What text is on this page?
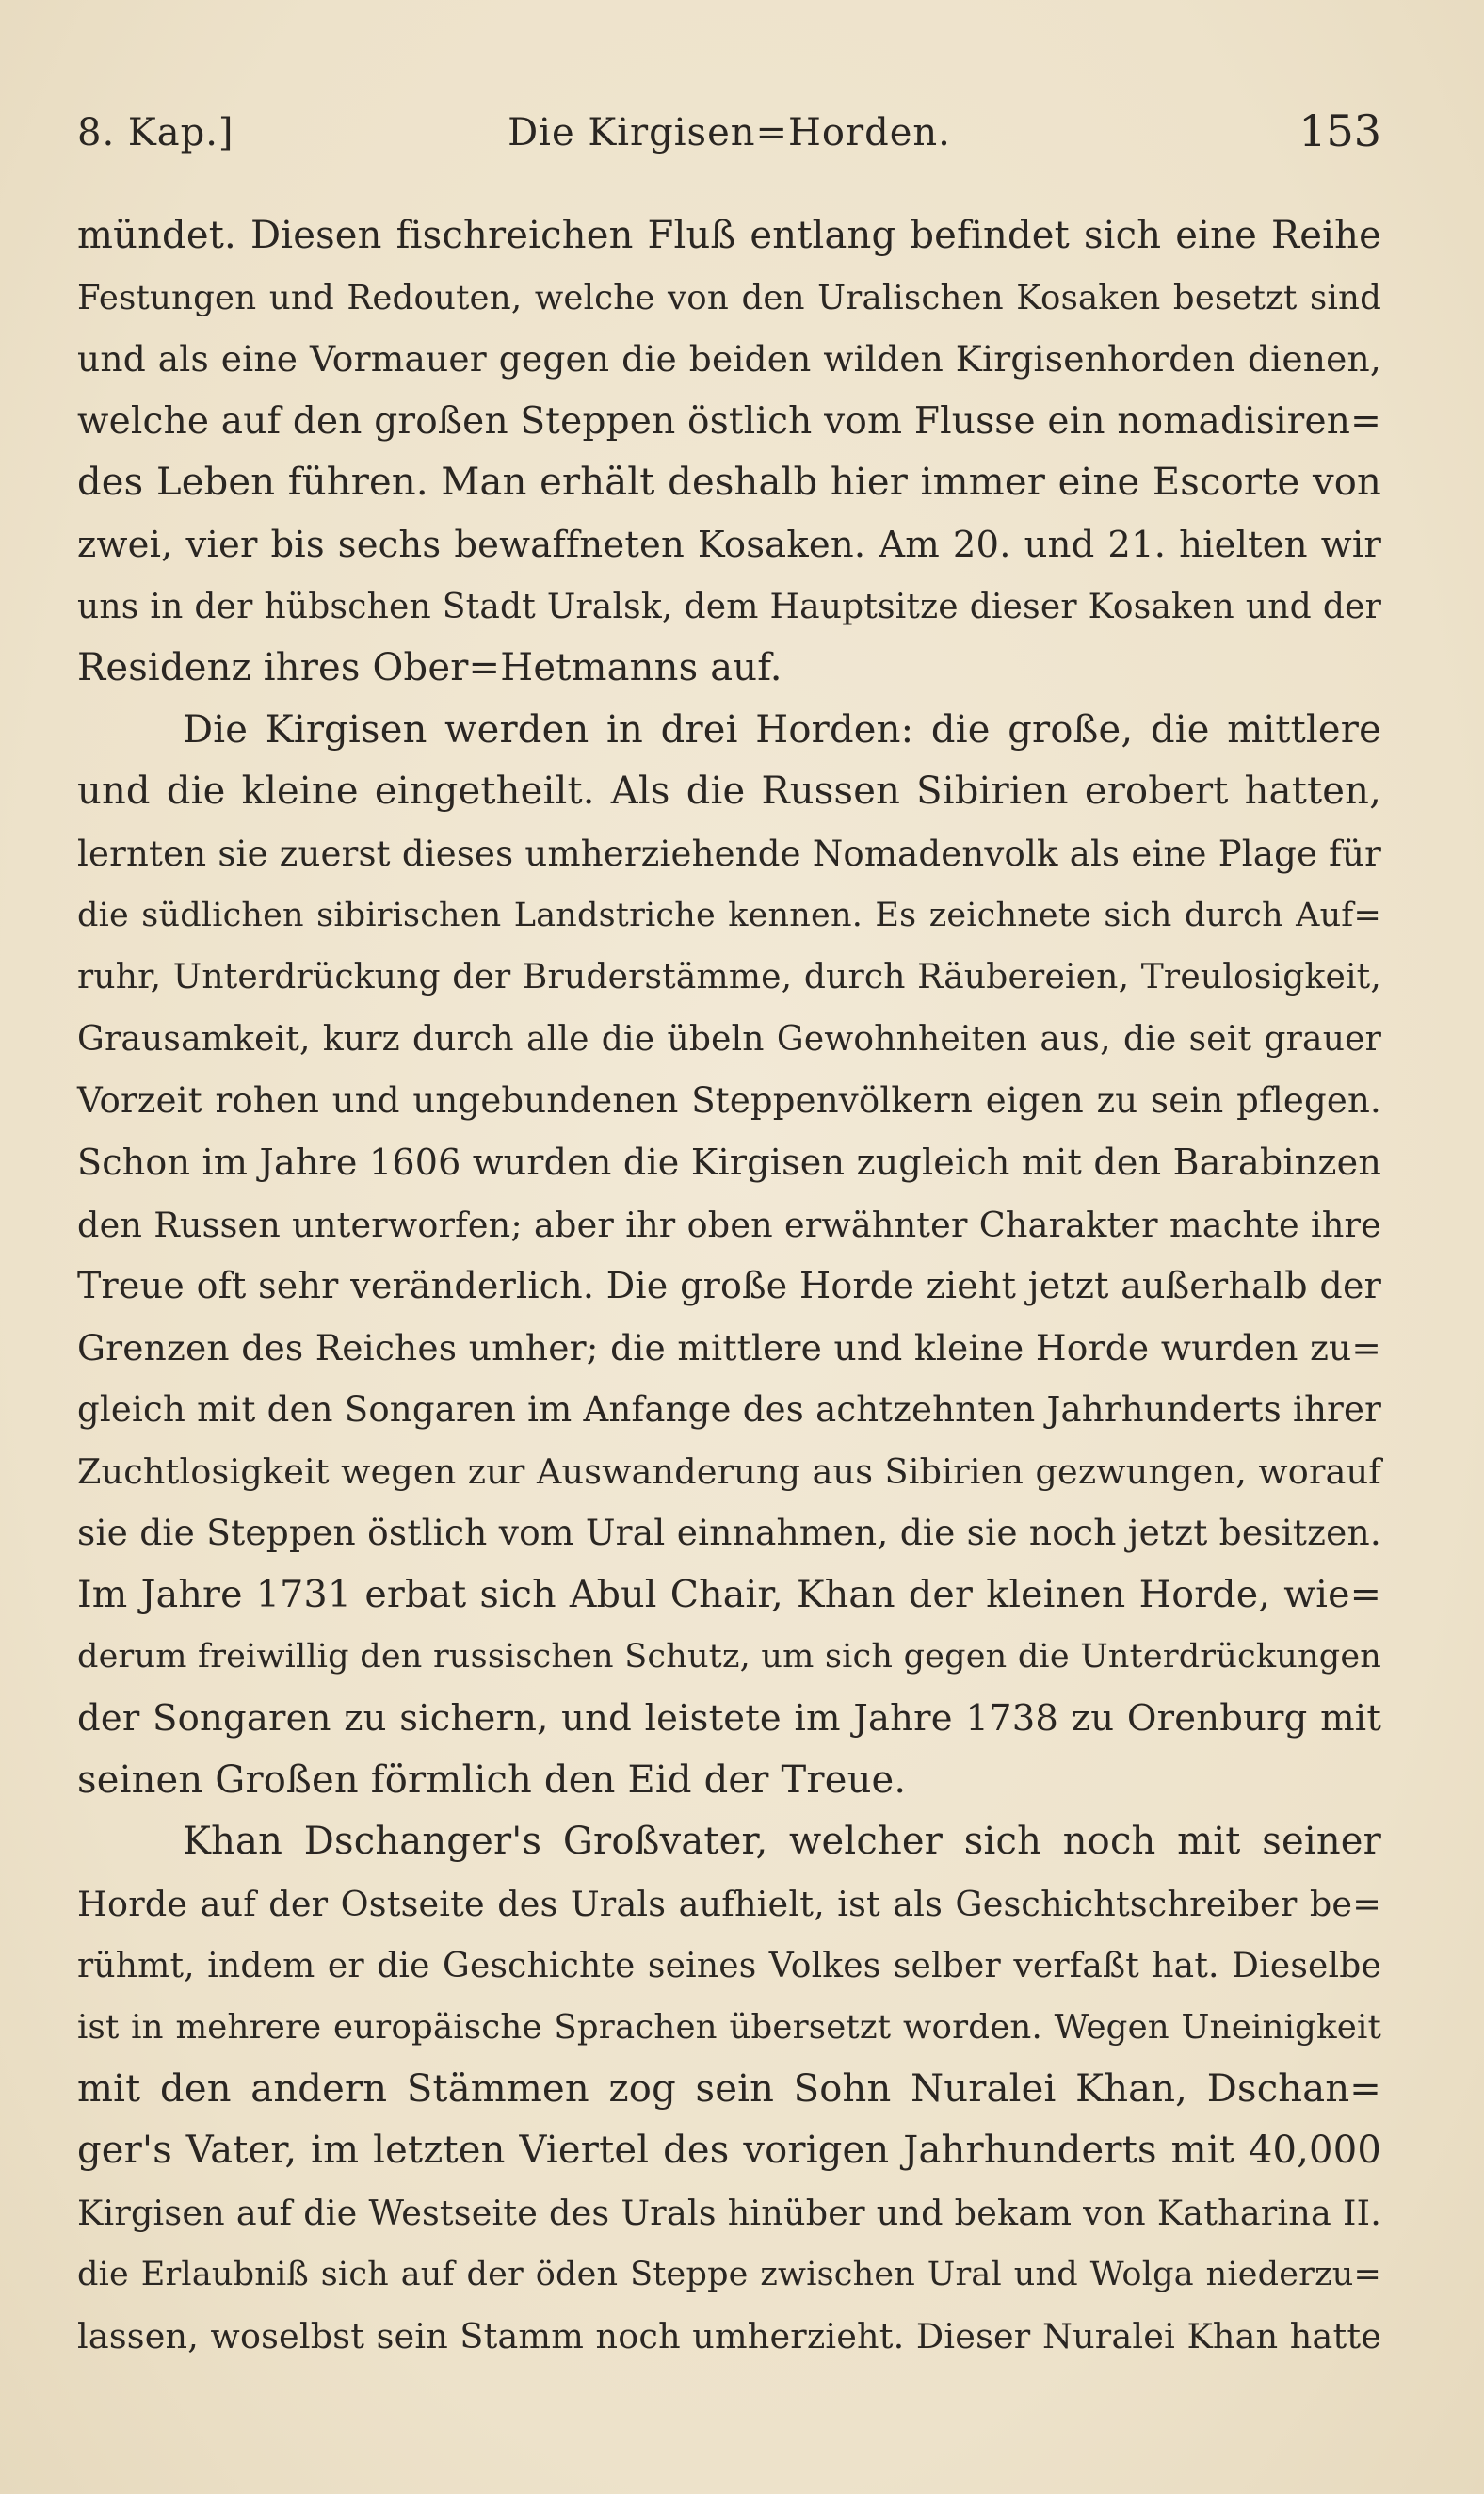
8. Kap.]	Die Kirgisen=Horden.	153
mündet. Diesen fischreichen Fluß entlang befindet sich eine Reihe
Festungen und Redouten, welche von den Uralischen Kosaken besetzt sind
und als eine Vormauer gegen die beiden wilden Kirgisenhorden dienen,
welche auf den großen Steppen östlich vom Flusse ein nomadisiren=
des Leben führen. Man erhält deshalb hier immer eine Escorte von
zwei, vier bis sechs bewaffneten Kosaken. Am 20. und 21. hielten wir
uns in der hübschen Stadt Uralsk, dem Hauptsitze dieser Kosaken und der
Residenz ihres Ober=Hetmanns auf.
Die Kirgisen werden in drei Horden: die große, die mittlere
und die kleine eingetheilt. Als die Russen Sibirien erobert hatten,
lernten sie zuerst dieses umherziehende Nomadenvolk als eine Plage für
die südlichen sibirischen Landstriche kennen. Es zeichnete sich durch Auf=
ruhr, Unterdrückung der Bruderstämme, durch Räubereien, Treulosigkeit,
Grausamkeit, kurz durch alle die übeln Gewohnheiten aus, die seit grauer
Vorzeit rohen und ungebundenen Steppenvölkern eigen zu sein pflegen.
Schon im Jahre 1606 wurden die Kirgisen zugleich mit den Barabinzen
den Russen unterworfen; aber ihr oben erwähnter Charakter machte ihre
Treue oft sehr veränderlich. Die große Horde zieht jetzt außerhalb der
Grenzen des Reiches umher; die mittlere und kleine Horde wurden zu=
gleich mit den Songaren im Anfange des achtzehnten Jahrhunderts ihrer
Zuchtlosigkeit wegen zur Auswanderung aus Sibirien gezwungen, worauf
sie die Steppen östlich vom Ural einnahmen, die sie noch jetzt besitzen.
Im Jahre 1731 erbat sich Abul Chair, Khan der kleinen Horde, wie=
derum freiwillig den russischen Schutz, um sich gegen die Unterdrückungen
der Songaren zu sichern, und leistete im Jahre 1738 zu Orenburg mit
seinen Großen förmlich den Eid der Treue.
Khan Dschanger's Großvater, welcher sich noch mit seiner
Horde auf der Ostseite des Urals aufhielt, ist als Geschichtschreiber be=
rühmt, indem er die Geschichte seines Volkes selber verfaßt hat. Dieselbe
ist in mehrere europäische Sprachen übersetzt worden. Wegen Uneinigkeit
mit den andern Stämmen zog sein Sohn Nuralei Khan, Dschan=
ger's Vater, im letzten Viertel des vorigen Jahrhunderts mit 40,000
Kirgisen auf die Westseite des Urals hinüber und bekam von Katharina II.
die Erlaubniß sich auf der öden Steppe zwischen Ural und Wolga niederzu=
lassen, woselbst sein Stamm noch umherzieht. Dieser Nuralei Khan hatte
